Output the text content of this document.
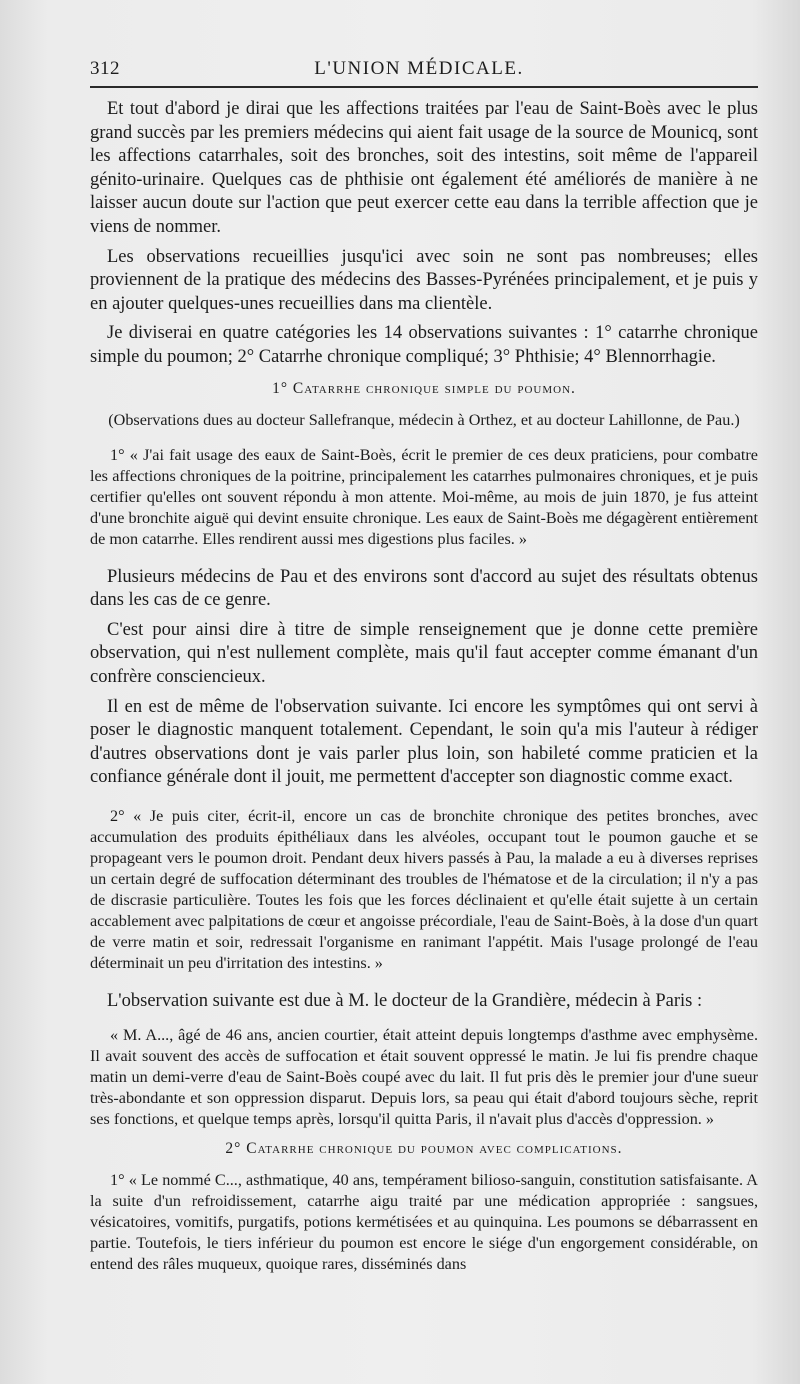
312	L'UNION MÉDICALE.

Et tout d'abord je dirai que les affections traitées par l'eau de Saint-Boès avec le plus grand succès par les premiers médecins qui aient fait usage de la source de Mounicq, sont les affections catarrhales, soit des bronches, soit des intestins, soit même de l'appareil génito-urinaire. Quelques cas de phthisie ont également été améliorés de manière à ne laisser aucun doute sur l'action que peut exercer cette eau dans la terrible affection que je viens de nommer.

Les observations recueillies jusqu'ici avec soin ne sont pas nombreuses; elles proviennent de la pratique des médecins des Basses-Pyrénées principalement, et je puis y en ajouter quelques-unes recueillies dans ma clientèle.

Je diviserai en quatre catégories les 14 observations suivantes : 1° catarrhe chronique simple du poumon; 2° Catarrhe chronique compliqué; 3° Phthisie; 4° Blennorrhagie.

1° Catarrhe chronique simple du poumon.

(Observations dues au docteur Sallefranque, médecin à Orthez, et au docteur Lahillonne, de Pau.)

1° « J'ai fait usage des eaux de Saint-Boès, écrit le premier de ces deux praticiens, pour combatre les affections chroniques de la poitrine, principalement les catarrhes pulmonaires chroniques, et je puis certifier qu'elles ont souvent répondu à mon attente. Moi-même, au mois de juin 1870, je fus atteint d'une bronchite aiguë qui devint ensuite chronique. Les eaux de Saint-Boès me dégagèrent entièrement de mon catarrhe. Elles rendirent aussi mes digestions plus faciles. »

Plusieurs médecins de Pau et des environs sont d'accord au sujet des résultats obtenus dans les cas de ce genre.

C'est pour ainsi dire à titre de simple renseignement que je donne cette première observation, qui n'est nullement complète, mais qu'il faut accepter comme émanant d'un confrère consciencieux.

Il en est de même de l'observation suivante. Ici encore les symptômes qui ont servi à poser le diagnostic manquent totalement. Cependant, le soin qu'a mis l'auteur à rédiger d'autres observations dont je vais parler plus loin, son habileté comme praticien et la confiance générale dont il jouit, me permettent d'accepter son diagnostic comme exact.

2° « Je puis citer, écrit-il, encore un cas de bronchite chronique des petites bronches, avec accumulation des produits épithéliaux dans les alvéoles, occupant tout le poumon gauche et se propageant vers le poumon droit. Pendant deux hivers passés à Pau, la malade a eu à diverses reprises un certain degré de suffocation déterminant des troubles de l'hématose et de la circulation; il n'y a pas de discrasie particulière. Toutes les fois que les forces déclinaient et qu'elle était sujette à un certain accablement avec palpitations de cœur et angoisse précordiale, l'eau de Saint-Boès, à la dose d'un quart de verre matin et soir, redressait l'organisme en ranimant l'appétit. Mais l'usage prolongé de l'eau déterminait un peu d'irritation des intestins. »

L'observation suivante est due à M. le docteur de la Grandière, médecin à Paris :

« M. A..., âgé de 46 ans, ancien courtier, était atteint depuis longtemps d'asthme avec emphysème. Il avait souvent des accès de suffocation et était souvent oppressé le matin. Je lui fis prendre chaque matin un demi-verre d'eau de Saint-Boès coupé avec du lait. Il fut pris dès le premier jour d'une sueur très-abondante et son oppression disparut. Depuis lors, sa peau qui était d'abord toujours sèche, reprit ses fonctions, et quelque temps après, lorsqu'il quitta Paris, il n'avait plus d'accès d'oppression. »

2° Catarrhe chronique du poumon avec complications.

1° « Le nommé C..., asthmatique, 40 ans, tempérament bilioso-sanguin, constitution satisfaisante. A la suite d'un refroidissement, catarrhe aigu traité par une médication appropriée : sangsues, vésicatoires, vomitifs, purgatifs, potions kermétisées et au quinquina. Les poumons se débarrassent en partie. Toutefois, le tiers inférieur du poumon est encore le siége d'un engorgement considérable, on entend des râles muqueux, quoique rares, disséminés dans
